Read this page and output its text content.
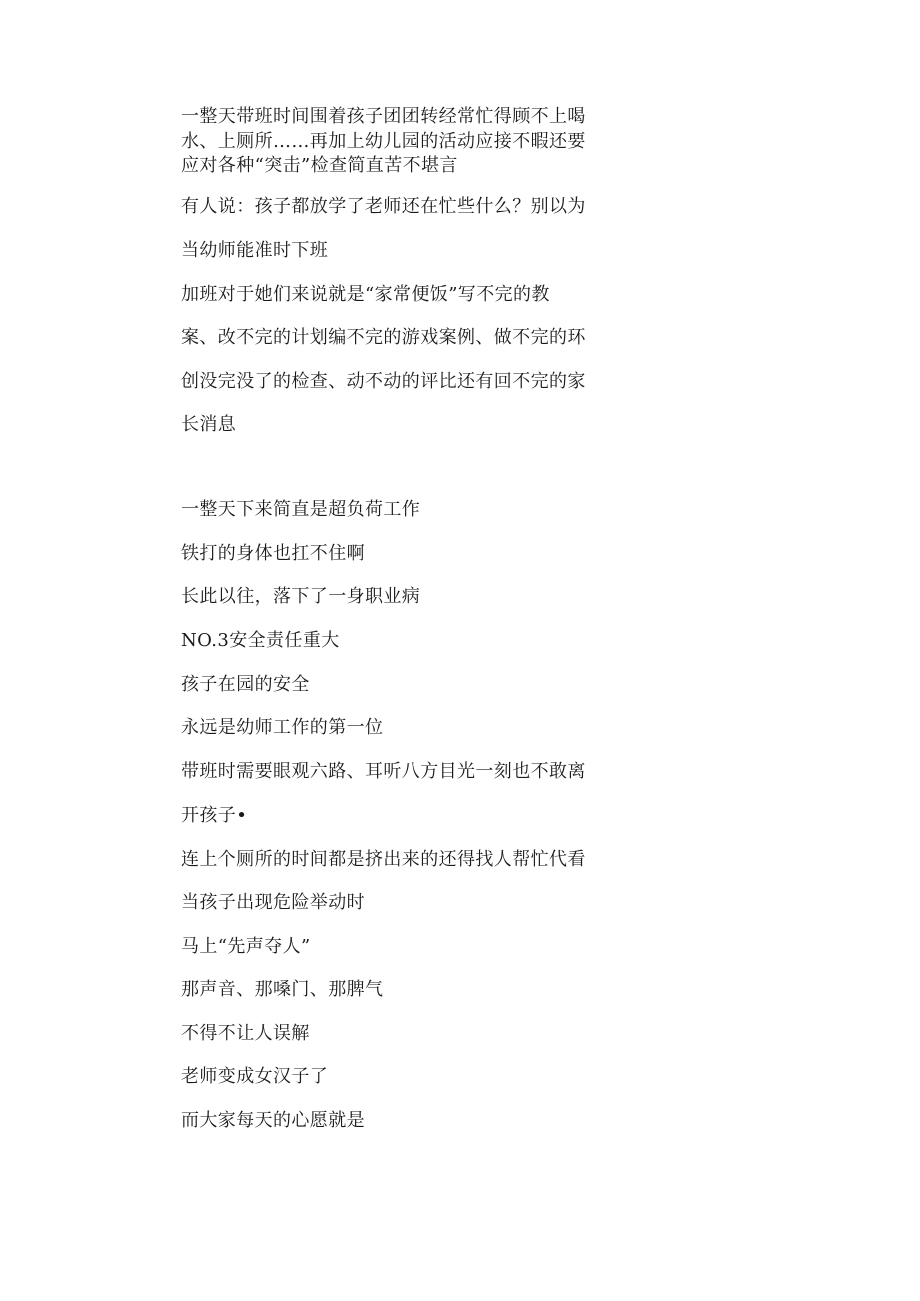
一整天带班时间围着孩子团团转经常忙得顾不上喝
水、上厕所……再加上幼儿园的活动应接不暇还要
应对各种“突击”检查简直苦不堪言
有人说：孩子都放学了老师还在忙些什么？别以为
当幼师能准时下班
加班对于她们来说就是“家常便饭”写不完的教
案、改不完的计划编不完的游戏案例、做不完的环
创没完没了的检查、动不动的评比还有回不完的家
长消息
一整天下来简直是超负荷工作
铁打的身体也扛不住啊
长此以往，落下了一身职业病
NO.3安全责任重大
孩子在园的安全
永远是幼师工作的第一位
带班时需要眼观六路、耳听八方目光一刻也不敢离
开孩子•
连上个厕所的时间都是挤出来的还得找人帮忙代看
当孩子出现危险举动时
马上“先声夺人”
那声音、那嗓门、那脾气
不得不让人误解
老师变成女汉子了
而大家每天的心愿就是
